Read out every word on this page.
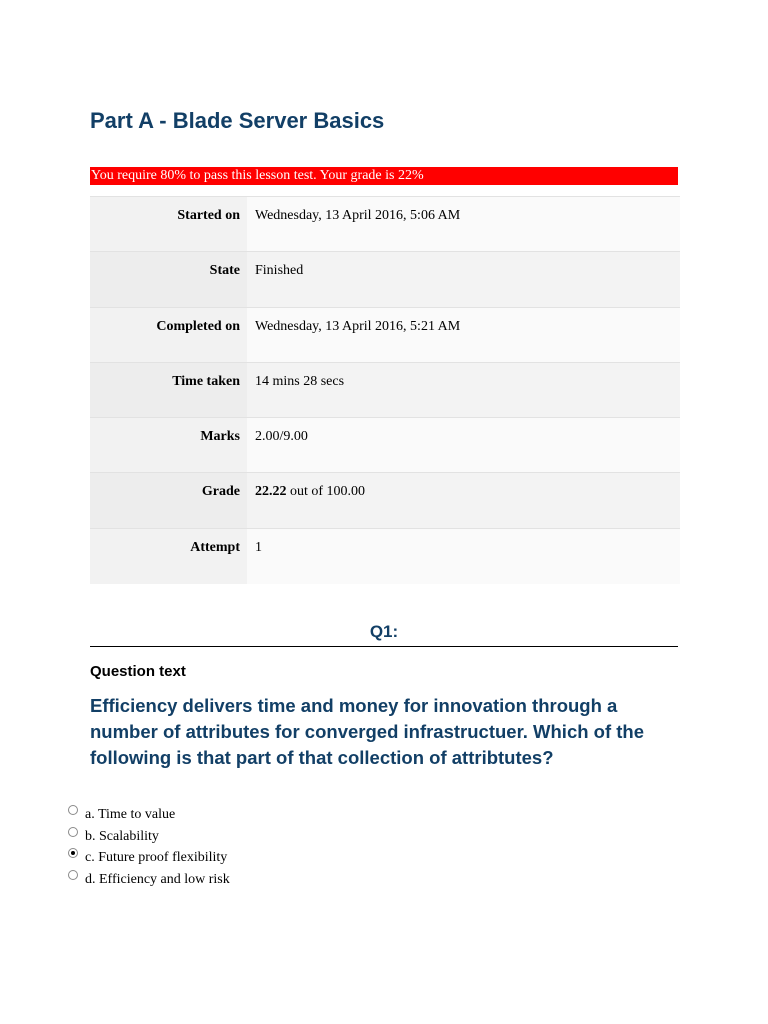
Part A - Blade Server Basics
You require 80% to pass this lesson test. Your grade is 22%
Started on	Wednesday, 13 April 2016, 5:06 AM
State	Finished
Completed on	Wednesday, 13 April 2016, 5:21 AM
Time taken	14 mins 28 secs
Marks	2.00/9.00
Grade	22.22 out of 100.00
Attempt	1
Q1:
Question text
Efficiency delivers time and money for innovation through a number of attributes for converged infrastructuer. Which of the following is that part of that collection of attribtutes?
a. Time to value
b. Scalability
c. Future proof flexibility
d. Efficiency and low risk
